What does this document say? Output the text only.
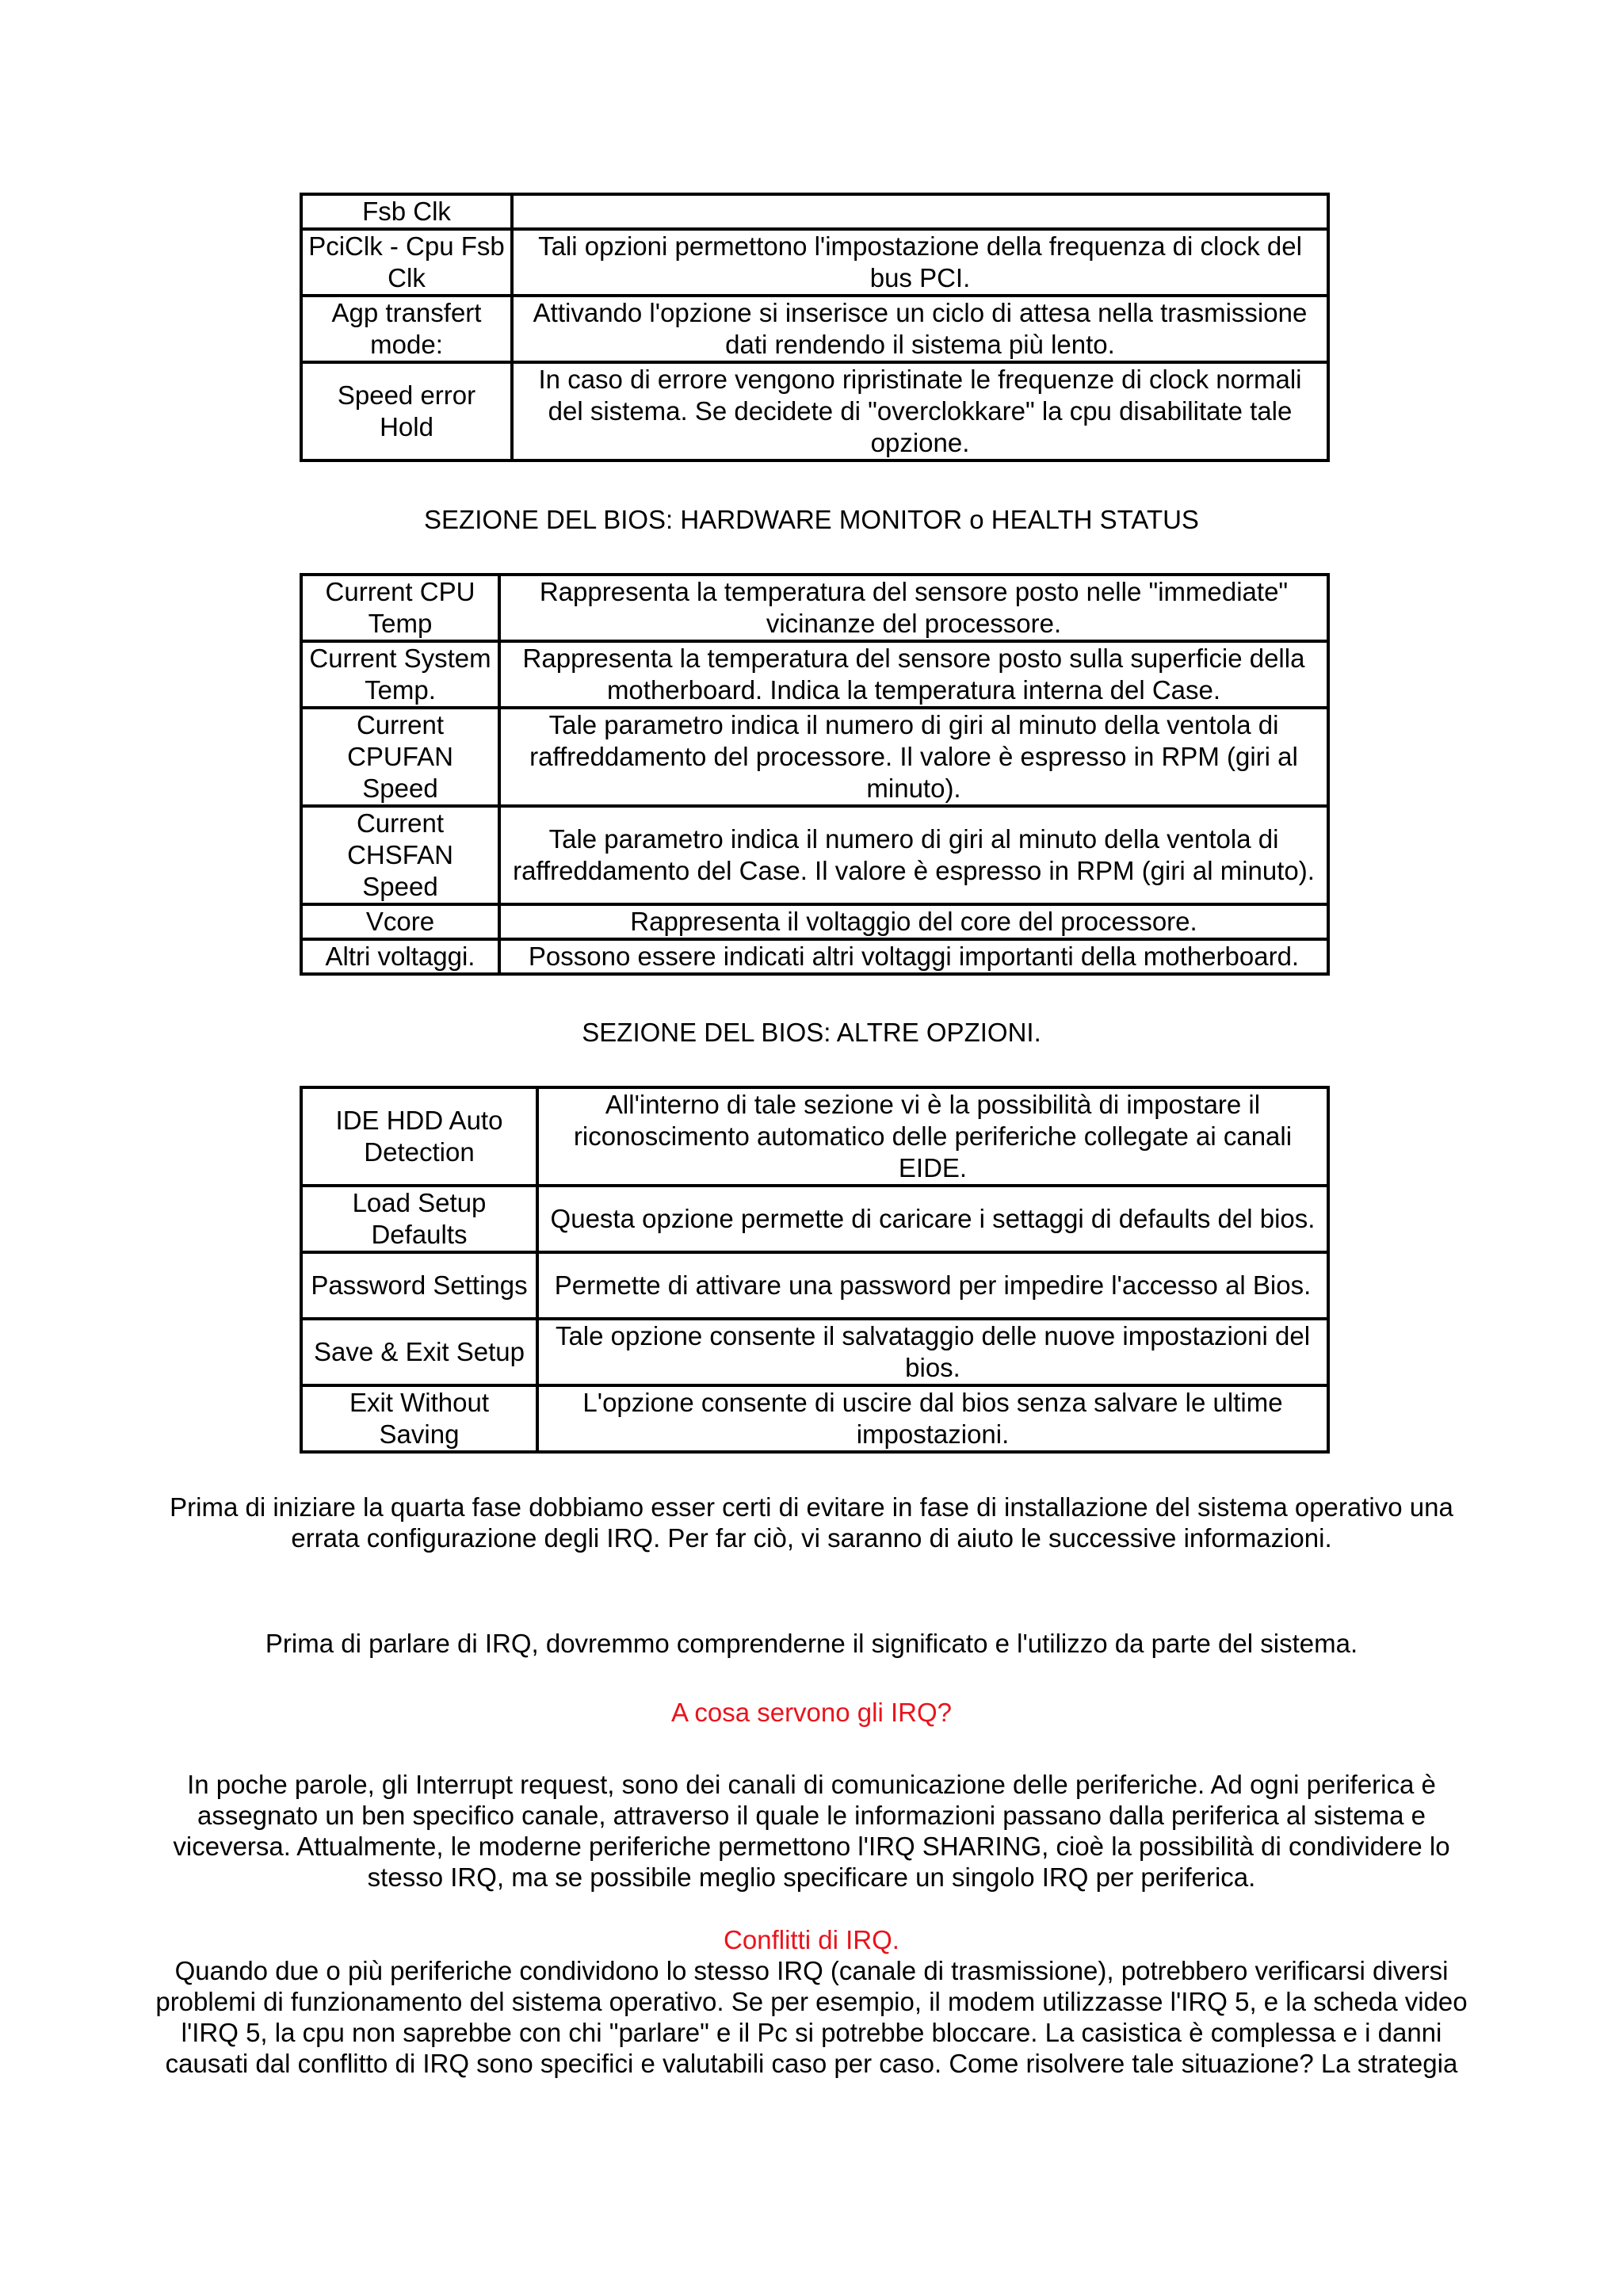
Fsb Clk	
PciClk - Cpu Fsb Clk	Tali opzioni permettono l'impostazione della frequenza di clock del bus PCI.
Agp transfert mode:	Attivando l'opzione si inserisce un ciclo di attesa nella trasmissione dati rendendo il sistema più lento.
Speed error Hold	In caso di errore vengono ripristinate le frequenze di clock normali del sistema. Se decidete di "overclokkare" la cpu disabilitate tale opzione.
SEZIONE DEL BIOS: HARDWARE MONITOR o HEALTH STATUS
Current CPU Temp	Rappresenta la temperatura del sensore posto nelle "immediate" vicinanze del processore.
Current System Temp.	Rappresenta la temperatura del sensore posto sulla superficie della motherboard. Indica la temperatura interna del Case.
Current CPUFAN Speed	Tale parametro indica il numero di giri al minuto della ventola di raffreddamento del processore. Il valore è espresso in RPM (giri al minuto).
Current CHSFAN Speed	Tale parametro indica il numero di giri al minuto della ventola di raffreddamento del Case. Il valore è espresso in RPM (giri al minuto).
Vcore	Rappresenta il voltaggio del core del processore.
Altri voltaggi.	Possono essere indicati altri voltaggi importanti della motherboard.
SEZIONE DEL BIOS: ALTRE OPZIONI.
IDE HDD Auto Detection	All'interno di tale sezione vi è la possibilità di impostare il riconoscimento automatico delle periferiche collegate ai canali EIDE.
Load Setup Defaults	Questa opzione permette di caricare i settaggi di defaults del bios.
Password Settings	Permette di attivare una password per impedire l'accesso al Bios.
Save & Exit Setup	Tale opzione consente il salvataggio delle nuove impostazioni del bios.
Exit Without Saving	L'opzione consente di uscire dal bios senza salvare le ultime impostazioni.
Prima di iniziare la quarta fase dobbiamo esser certi di evitare in fase di installazione del sistema operativo una errata configurazione degli IRQ. Per far ciò, vi saranno di aiuto le successive informazioni.
Prima di parlare di IRQ, dovremmo comprenderne il significato e l'utilizzo da parte del sistema.
A cosa servono gli IRQ?
In poche parole, gli Interrupt request, sono dei canali di comunicazione delle periferiche. Ad ogni periferica è assegnato un ben specifico canale, attraverso il quale le informazioni passano dalla periferica al sistema e viceversa. Attualmente, le moderne periferiche permettono l'IRQ SHARING, cioè la possibilità di condividere lo stesso IRQ, ma se possibile meglio specificare un singolo IRQ per periferica.
Conflitti di IRQ.
Quando due o più periferiche condividono lo stesso IRQ (canale di trasmissione), potrebbero verificarsi diversi problemi di funzionamento del sistema operativo. Se per esempio, il modem utilizzasse l'IRQ 5, e la scheda video l'IRQ 5, la cpu non saprebbe con chi "parlare" e il Pc si potrebbe bloccare. La casistica è complessa e i danni causati dal conflitto di IRQ sono specifici e valutabili caso per caso. Come risolvere tale situazione? La strategia
